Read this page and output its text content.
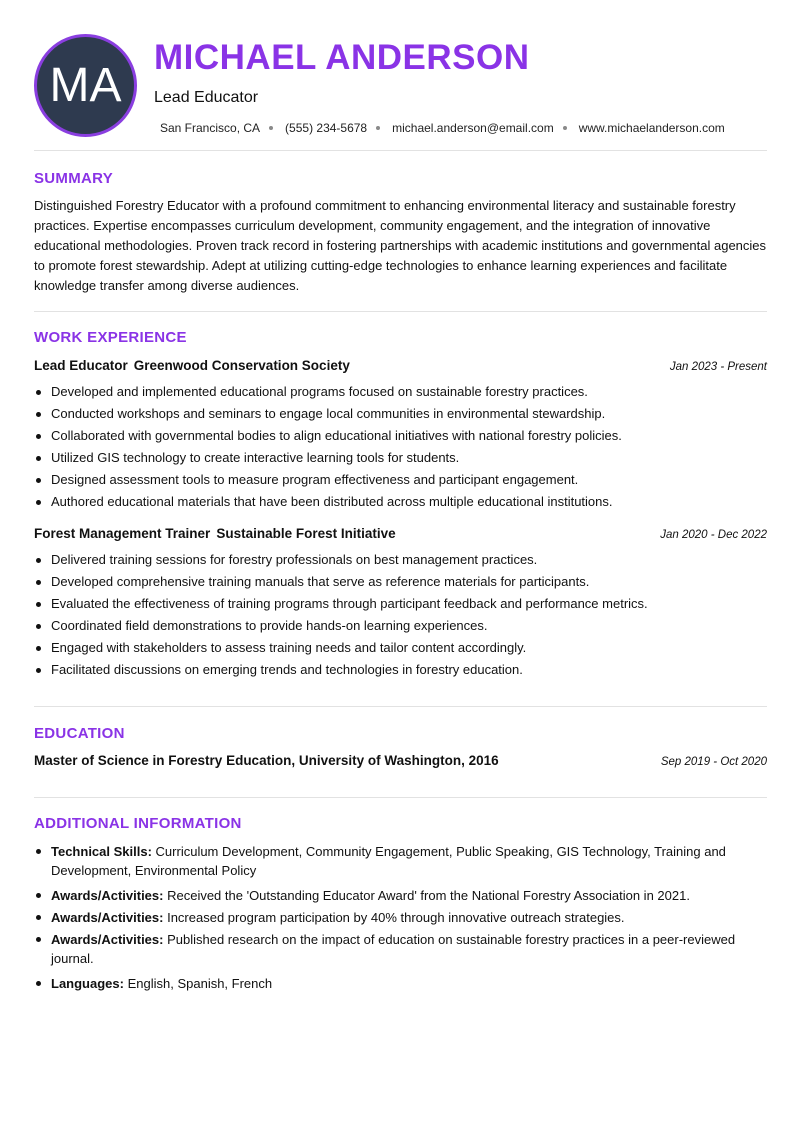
MA
MICHAEL ANDERSON
Lead Educator
San Francisco, CA (555) 234-5678 michael.anderson@email.com www.michaelanderson.com
SUMMARY
Distinguished Forestry Educator with a profound commitment to enhancing environmental literacy and sustainable forestry practices. Expertise encompasses curriculum development, community engagement, and the integration of innovative educational methodologies. Proven track record in fostering partnerships with academic institutions and governmental agencies to promote forest stewardship. Adept at utilizing cutting-edge technologies to enhance learning experiences and facilitate knowledge transfer among diverse audiences.
WORK EXPERIENCE
Lead Educator Greenwood Conservation Society	Jan 2023 - Present
Developed and implemented educational programs focused on sustainable forestry practices.
Conducted workshops and seminars to engage local communities in environmental stewardship.
Collaborated with governmental bodies to align educational initiatives with national forestry policies.
Utilized GIS technology to create interactive learning tools for students.
Designed assessment tools to measure program effectiveness and participant engagement.
Authored educational materials that have been distributed across multiple educational institutions.
Forest Management Trainer Sustainable Forest Initiative	Jan 2020 - Dec 2022
Delivered training sessions for forestry professionals on best management practices.
Developed comprehensive training manuals that serve as reference materials for participants.
Evaluated the effectiveness of training programs through participant feedback and performance metrics.
Coordinated field demonstrations to provide hands-on learning experiences.
Engaged with stakeholders to assess training needs and tailor content accordingly.
Facilitated discussions on emerging trends and technologies in forestry education.
EDUCATION
Master of Science in Forestry Education, University of Washington, 2016	Sep 2019 - Oct 2020
ADDITIONAL INFORMATION
Technical Skills: Curriculum Development, Community Engagement, Public Speaking, GIS Technology, Training and Development, Environmental Policy
Awards/Activities: Received the 'Outstanding Educator Award' from the National Forestry Association in 2021.
Awards/Activities: Increased program participation by 40% through innovative outreach strategies.
Awards/Activities: Published research on the impact of education on sustainable forestry practices in a peer-reviewed journal.
Languages: English, Spanish, French
